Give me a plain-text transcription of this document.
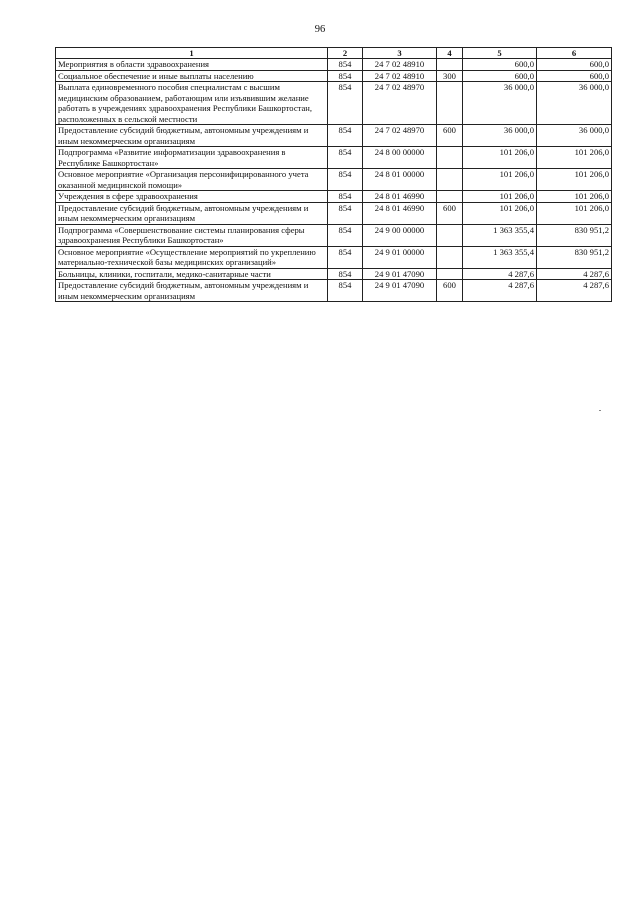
96
1	2	3	4	5	6
Мероприятия в области здравоохранения	854	24 7 02 48910		600,0	600,0
Социальное обеспечение и иные выплаты населению	854	24 7 02 48910	300	600,0	600,0
Выплата единовременного пособия специалистам с высшим медицинским образованием, работающим или изъявившим желание работать в учреждениях здравоохранения Республики Башкортостан, расположенных в сельской местности	854	24 7 02 48970		36 000,0	36 000,0
Предоставление субсидий бюджетным, автономным учреждениям и иным некоммерческим организациям	854	24 7 02 48970	600	36 000,0	36 000,0
Подпрограмма «Развитие информатизации здравоохранения в Республике Башкортостан»	854	24 8 00 00000		101 206,0	101 206,0
Основное мероприятие «Организация персонифицированного учета оказанной медицинской помощи»	854	24 8 01 00000		101 206,0	101 206,0
Учреждения в сфере здравоохранения	854	24 8 01 46990		101 206,0	101 206,0
Предоставление субсидий бюджетным, автономным учреждениям и иным некоммерческим организациям	854	24 8 01 46990	600	101 206,0	101 206,0
Подпрограмма «Совершенствование системы планирования сферы здравоохранения Республики Башкортостан»	854	24 9 00 00000		1 363 355,4	830 951,2
Основное мероприятие «Осуществление мероприятий по укреплению материально-технической базы медицинских организаций»	854	24 9 01 00000		1 363 355,4	830 951,2
Больницы, клиники, госпитали, медико-санитарные части	854	24 9 01 47090		4 287,6	4 287,6
Предоставление субсидий бюджетным, автономным учреждениям и иным некоммерческим организациям	854	24 9 01 47090	600	4 287,6	4 287,6
